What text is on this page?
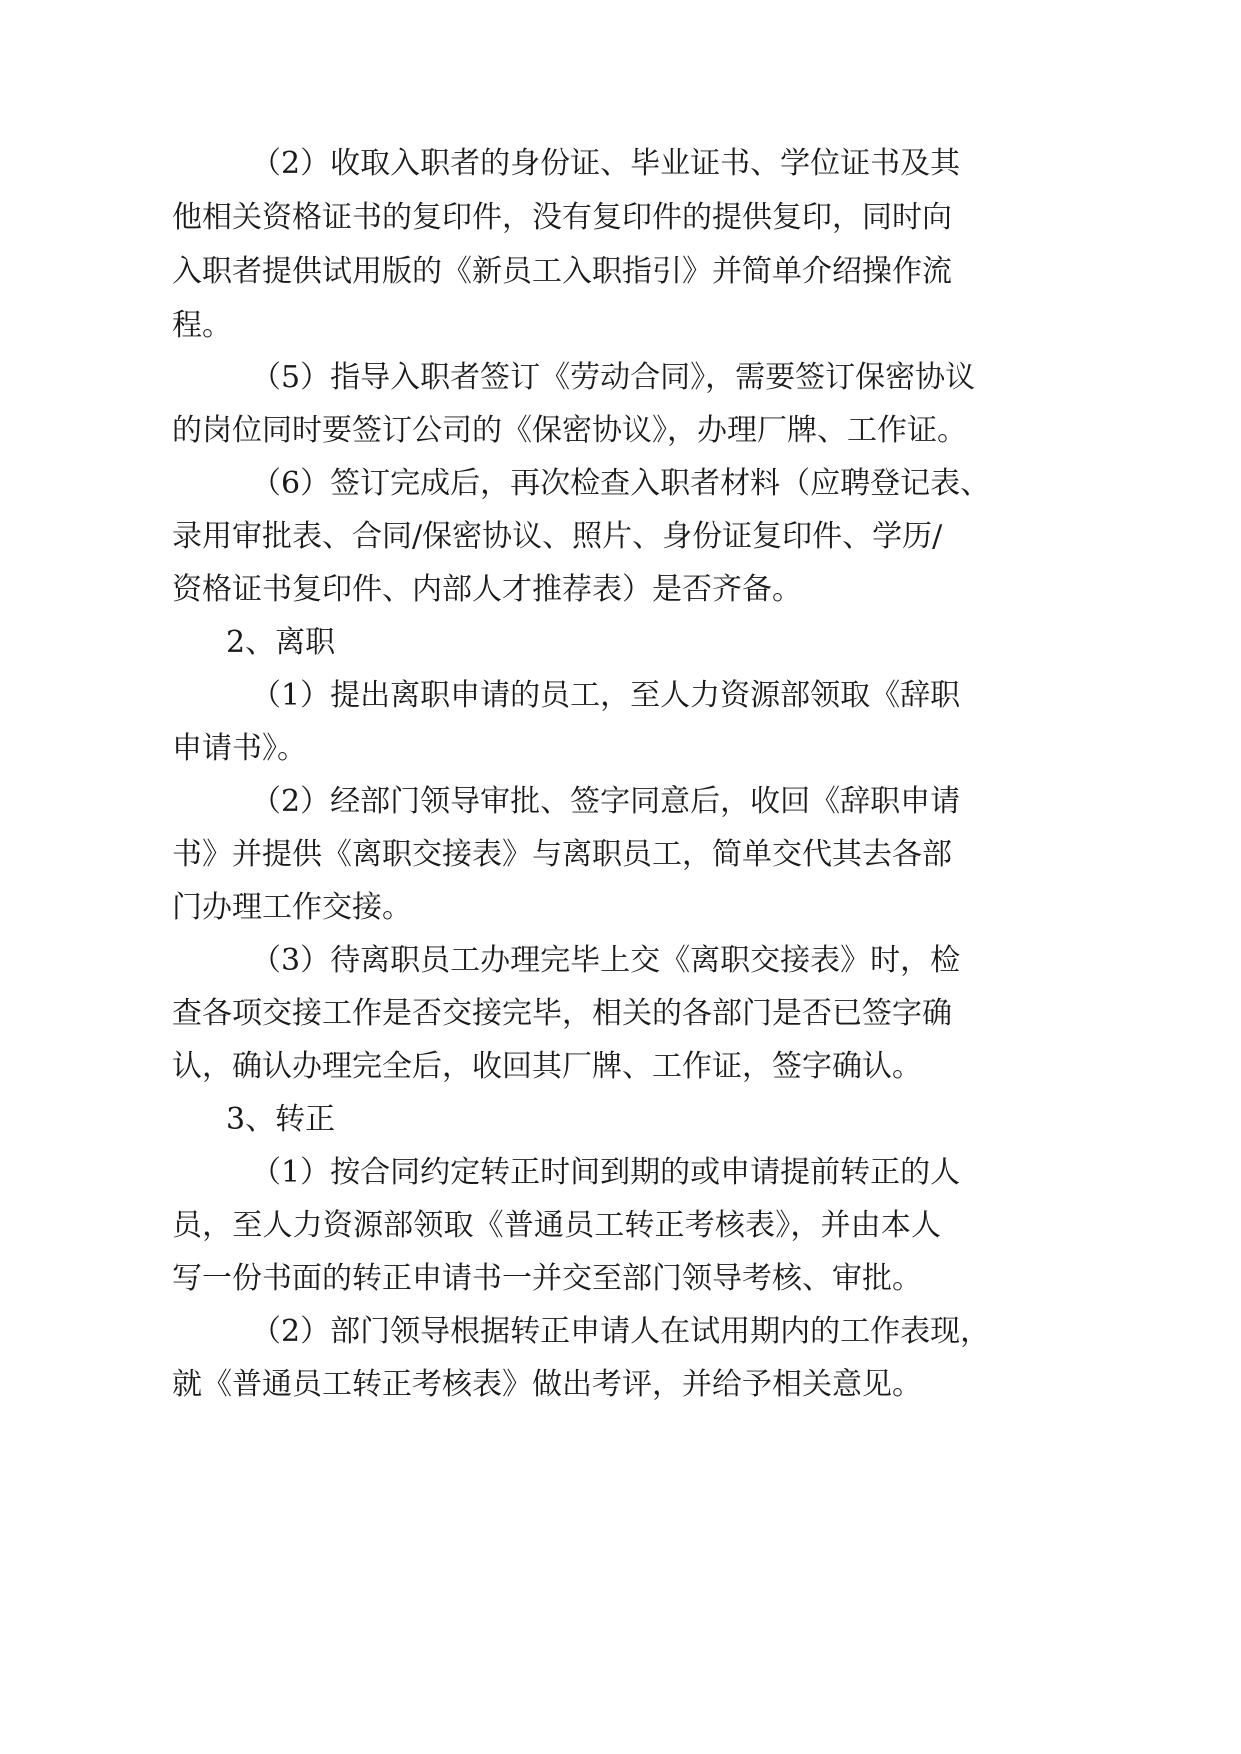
（2）收取入职者的身份证、毕业证书、学位证书及其
他相关资格证书的复印件，没有复印件的提供复印，同时向
入职者提供试用版的《新员工入职指引》并简单介绍操作流
程。
（5）指导入职者签订《劳动合同》，需要签订保密协议
的岗位同时要签订公司的《保密协议》，办理厂牌、工作证。
（6）签订完成后，再次检查入职者材料（应聘登记表、
录用审批表、合同/保密协议、照片、身份证复印件、学历/
资格证书复印件、内部人才推荐表）是否齐备。
2、离职
（1）提出离职申请的员工，至人力资源部领取《辞职
申请书》。
（2）经部门领导审批、签字同意后，收回《辞职申请
书》并提供《离职交接表》与离职员工，简单交代其去各部
门办理工作交接。
（3）待离职员工办理完毕上交《离职交接表》时，检
查各项交接工作是否交接完毕，相关的各部门是否已签字确
认，确认办理完全后，收回其厂牌、工作证，签字确认。
3、转正
（1）按合同约定转正时间到期的或申请提前转正的人
员，至人力资源部领取《普通员工转正考核表》，并由本人
写一份书面的转正申请书一并交至部门领导考核、审批。
（2）部门领导根据转正申请人在试用期内的工作表现，
就《普通员工转正考核表》做出考评，并给予相关意见。
